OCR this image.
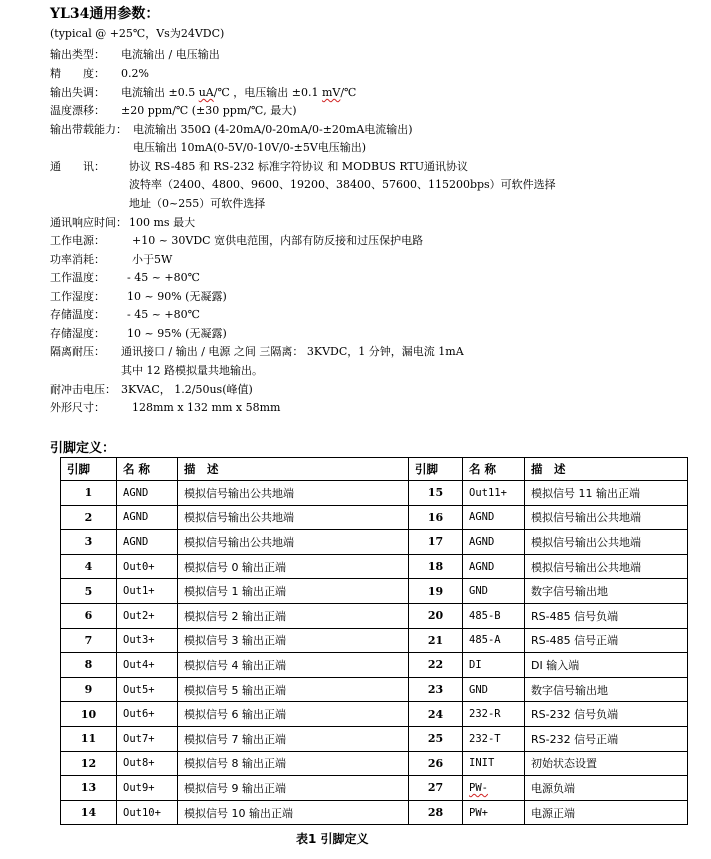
YL34通用参数：
(typical @ +25℃，Vs为24VDC)
输出类型： 电流输出 / 电压输出
精　　度： 0.2%
输出失调： 电流输出 ±0.5 uA/℃ ，电压输出 ±0.1 mV/℃
温度漂移： ±20 ppm/℃ (±30 ppm/℃, 最大)
输出带载能力： 电流输出 350Ω (4-20mA/0-20mA/0-±20mA电流输出)
电压输出 10mA(0-5V/0-10V/0-±5V电压输出)
通　　讯： 协议 RS-485 和 RS-232 标准字符协议 和 MODBUS RTU通讯协议
波特率（2400、4800、9600、19200、38400、57600、115200bps）可软件选择
地址（0~255）可软件选择
通讯响应时间： 100 ms 最大
工作电源： +10 ~ 30VDC 宽供电范围，内部有防反接和过压保护电路
功率消耗： 小于5W
工作温度： - 45 ~ +80℃
工作湿度： 10 ~ 90% (无凝露)
存储温度： - 45 ~ +80℃
存储湿度： 10 ~ 95% (无凝露)
隔离耐压： 通讯接口 / 输出 / 电源 之间 三隔离： 3KVDC，1 分钟，漏电流 1mA
其中 12 路模拟量共地输出。
耐冲击电压： 3KVAC， 1.2/50us(峰值)
外形尺寸： 128mm x 132 mm x 58mm
引脚定义：
引脚	名 称	描　述	引脚	名 称	描　述
1	AGND	模拟信号输出公共地端	15	Out11+	模拟信号 11 输出正端
2	AGND	模拟信号输出公共地端	16	AGND	模拟信号输出公共地端
3	AGND	模拟信号输出公共地端	17	AGND	模拟信号输出公共地端
4	Out0+	模拟信号 0 输出正端	18	AGND	模拟信号输出公共地端
5	Out1+	模拟信号 1 输出正端	19	GND	数字信号输出地
6	Out2+	模拟信号 2 输出正端	20	485-B	RS-485 信号负端
7	Out3+	模拟信号 3 输出正端	21	485-A	RS-485 信号正端
8	Out4+	模拟信号 4 输出正端	22	DI	DI 输入端
9	Out5+	模拟信号 5 输出正端	23	GND	数字信号输出地
10	Out6+	模拟信号 6 输出正端	24	232-R	RS-232 信号负端
11	Out7+	模拟信号 7 输出正端	25	232-T	RS-232 信号正端
12	Out8+	模拟信号 8 输出正端	26	INIT	初始状态设置
13	Out9+	模拟信号 9 输出正端	27	PW-	电源负端
14	Out10+	模拟信号 10 输出正端	28	PW+	电源正端
表1 引脚定义
